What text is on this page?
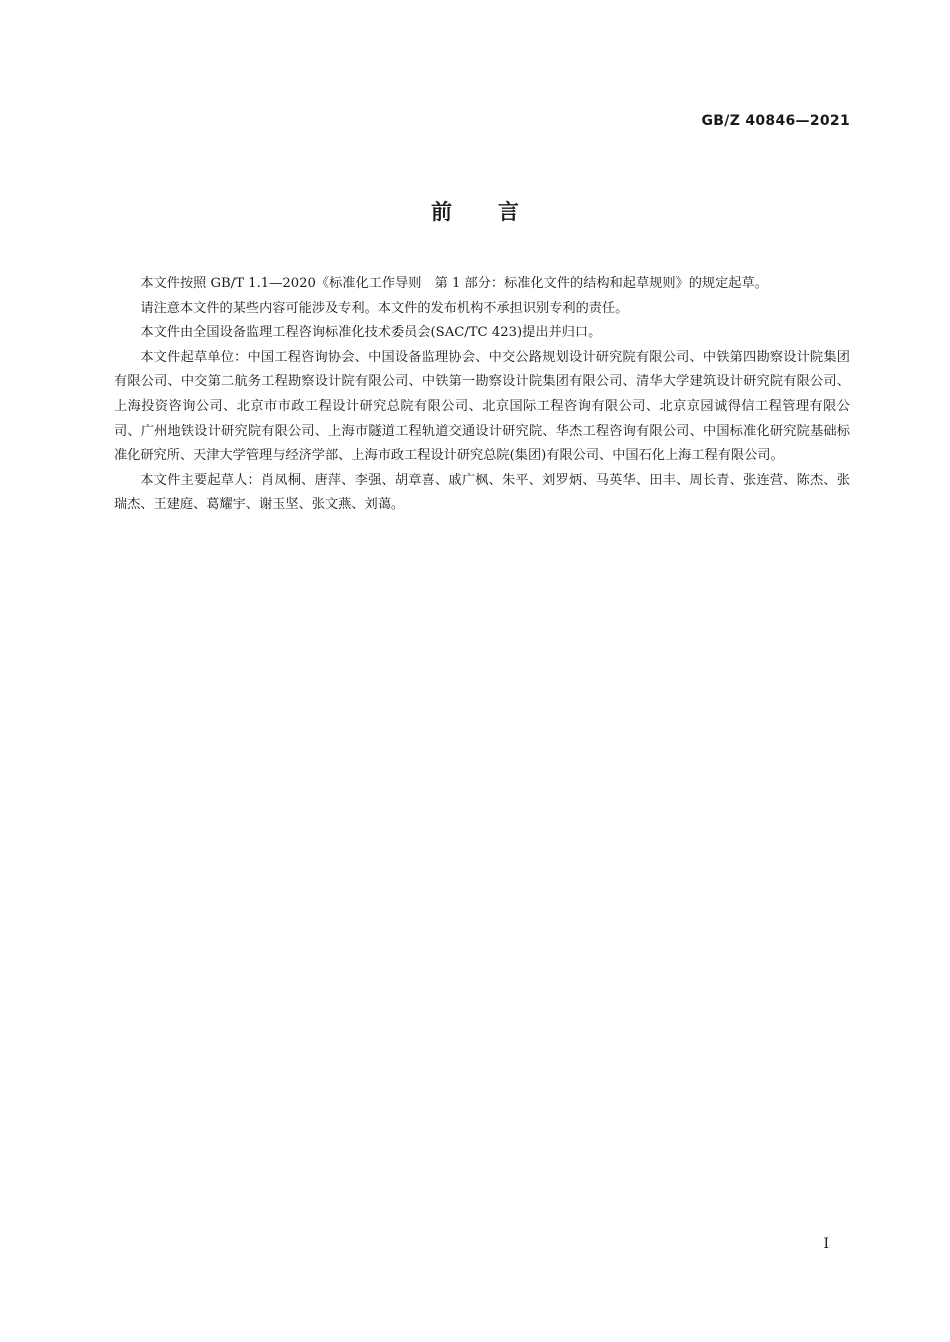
GB/Z 40846—2021
前言

本文件按照 GB/T 1.1—2020《标准化工作导则　第 1 部分：标准化文件的结构和起草规则》的规定起草。

请注意本文件的某些内容可能涉及专利。本文件的发布机构不承担识别专利的责任。

本文件由全国设备监理工程咨询标准化技术委员会(SAC/TC 423)提出并归口。

本文件起草单位：中国工程咨询协会、中国设备监理协会、中交公路规划设计研究院有限公司、中铁第四勘察设计院集团有限公司、中交第二航务工程勘察设计院有限公司、中铁第一勘察设计院集团有限公司、清华大学建筑设计研究院有限公司、上海投资咨询公司、北京市市政工程设计研究总院有限公司、北京国际工程咨询有限公司、北京京园诚得信工程管理有限公司、广州地铁设计研究院有限公司、上海市隧道工程轨道交通设计研究院、华杰工程咨询有限公司、中国标准化研究院基础标准化研究所、天津大学管理与经济学部、上海市政工程设计研究总院(集团)有限公司、中国石化上海工程有限公司。

本文件主要起草人：肖凤桐、唐萍、李强、胡章喜、戚广枫、朱平、刘罗炳、马英华、田丰、周长青、张连营、陈杰、张瑞杰、王建庭、葛耀宇、谢玉坚、张文燕、刘蔼。

I
